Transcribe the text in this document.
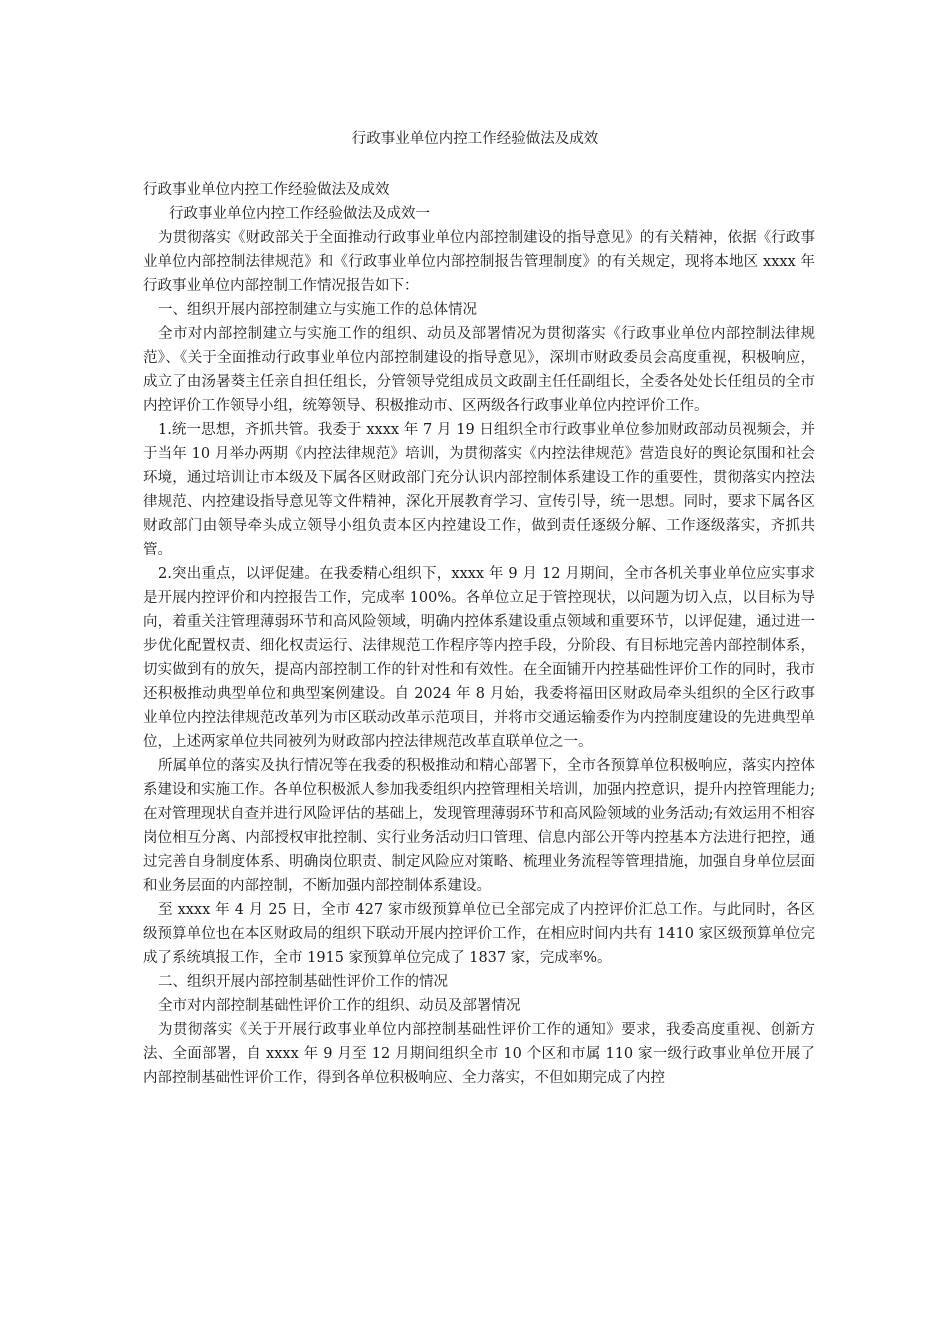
行政事业单位内控工作经验做法及成效

行政事业单位内控工作经验做法及成效

行政事业单位内控工作经验做法及成效一

为贯彻落实《财政部关于全面推动行政事业单位内部控制建设的指导意见》的有关精神，依据《行政事业单位内部控制法律规范》和《行政事业单位内部控制报告管理制度》的有关规定，现将本地区 xxxx 年行政事业单位内部控制工作情况报告如下：

一、组织开展内部控制建立与实施工作的总体情况

全市对内部控制建立与实施工作的组织、动员及部署情况为贯彻落实《行政事业单位内部控制法律规范》、《关于全面推动行政事业单位内部控制建设的指导意见》，深圳市财政委员会高度重视，积极响应，成立了由汤暑葵主任亲自担任组长，分管领导党组成员文政副主任任副组长，全委各处处长任组员的全市内控评价工作领导小组，统筹领导、积极推动市、区两级各行政事业单位内控评价工作。

1.统一思想，齐抓共管。我委于 xxxx 年 7 月 19 日组织全市行政事业单位参加财政部动员视频会，并于当年 10 月举办两期《内控法律规范》培训，为贯彻落实《内控法律规范》营造良好的舆论氛围和社会环境，通过培训让市本级及下属各区财政部门充分认识内部控制体系建设工作的重要性，贯彻落实内控法律规范、内控建设指导意见等文件精神，深化开展教育学习、宣传引导，统一思想。同时，要求下属各区财政部门由领导牵头成立领导小组负责本区内控建设工作，做到责任逐级分解、工作逐级落实，齐抓共管。

2.突出重点，以评促建。在我委精心组织下，xxxx 年 9 月 12 月期间，全市各机关事业单位应实事求是开展内控评价和内控报告工作，完成率 100%。各单位立足于管控现状，以问题为切入点，以目标为导向，着重关注管理薄弱环节和高风险领域，明确内控体系建设重点领域和重要环节，以评促建，通过进一步优化配置权责、细化权责运行、法律规范工作程序等内控手段，分阶段、有目标地完善内部控制体系，切实做到有的放矢，提高内部控制工作的针对性和有效性。在全面铺开内控基础性评价工作的同时，我市还积极推动典型单位和典型案例建设。自 2024 年 8 月始，我委将福田区财政局牵头组织的全区行政事业单位内控法律规范改革列为市区联动改革示范项目，并将市交通运输委作为内控制度建设的先进典型单位，上述两家单位共同被列为财政部内控法律规范改革直联单位之一。

所属单位的落实及执行情况等在我委的积极推动和精心部署下，全市各预算单位积极响应，落实内控体系建设和实施工作。各单位积极派人参加我委组织内控管理相关培训，加强内控意识，提升内控管理能力;在对管理现状自查并进行风险评估的基础上，发现管理薄弱环节和高风险领域的业务活动;有效运用不相容岗位相互分离、内部授权审批控制、实行业务活动归口管理、信息内部公开等内控基本方法进行把控，通过完善自身制度体系、明确岗位职责、制定风险应对策略、梳理业务流程等管理措施，加强自身单位层面和业务层面的内部控制，不断加强内部控制体系建设。

至 xxxx 年 4 月 25 日，全市 427 家市级预算单位已全部完成了内控评价汇总工作。与此同时，各区级预算单位也在本区财政局的组织下联动开展内控评价工作，在相应时间内共有 1410 家区级预算单位完成了系统填报工作，全市 1915 家预算单位完成了 1837 家，完成率%。

二、组织开展内部控制基础性评价工作的情况

全市对内部控制基础性评价工作的组织、动员及部署情况

为贯彻落实《关于开展行政事业单位内部控制基础性评价工作的通知》要求，我委高度重视、创新方法、全面部署，自 xxxx 年 9 月至 12 月期间组织全市 10 个区和市属 110 家一级行政事业单位开展了内部控制基础性评价工作，得到各单位积极响应、全力落实，不但如期完成了内控
